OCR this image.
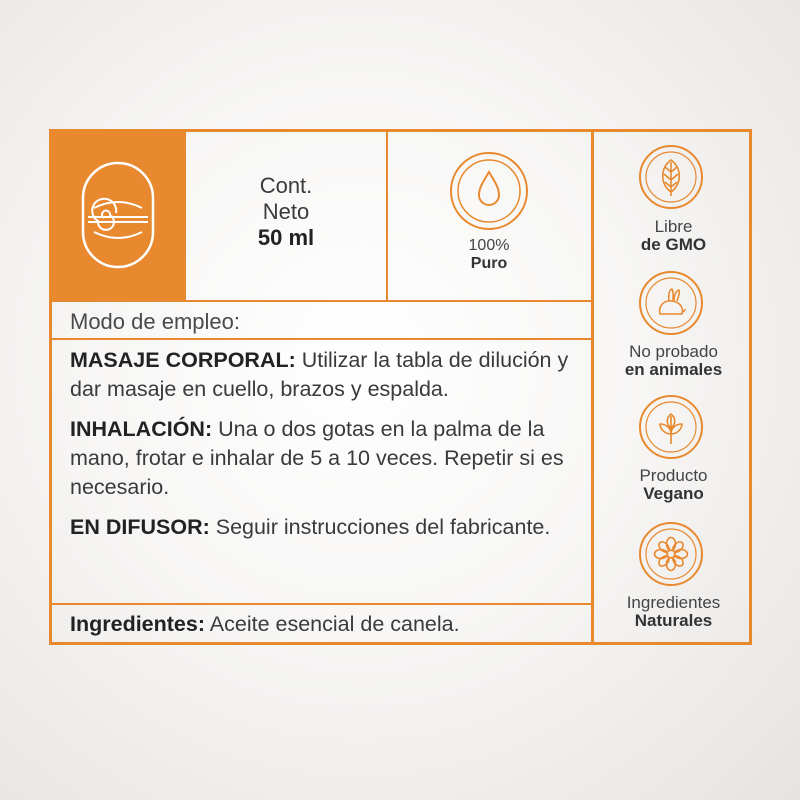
Cont.
Neto
50 ml	100%
Puro
Modo de empleo:

MASAJE CORPORAL: Utilizar la tabla de dilución y dar masaje en cuello, brazos y espalda.

INHALACIÓN: Una o dos gotas en la palma de la mano, frotar e inhalar de 5 a 10 veces. Repetir si es necesario.

EN DIFUSOR: Seguir instrucciones del fabricante.

Ingredientes: Aceite esencial de canela.
Libre
de GMO
No probado
en animales
Producto
Vegano
Ingredientes
Naturales
